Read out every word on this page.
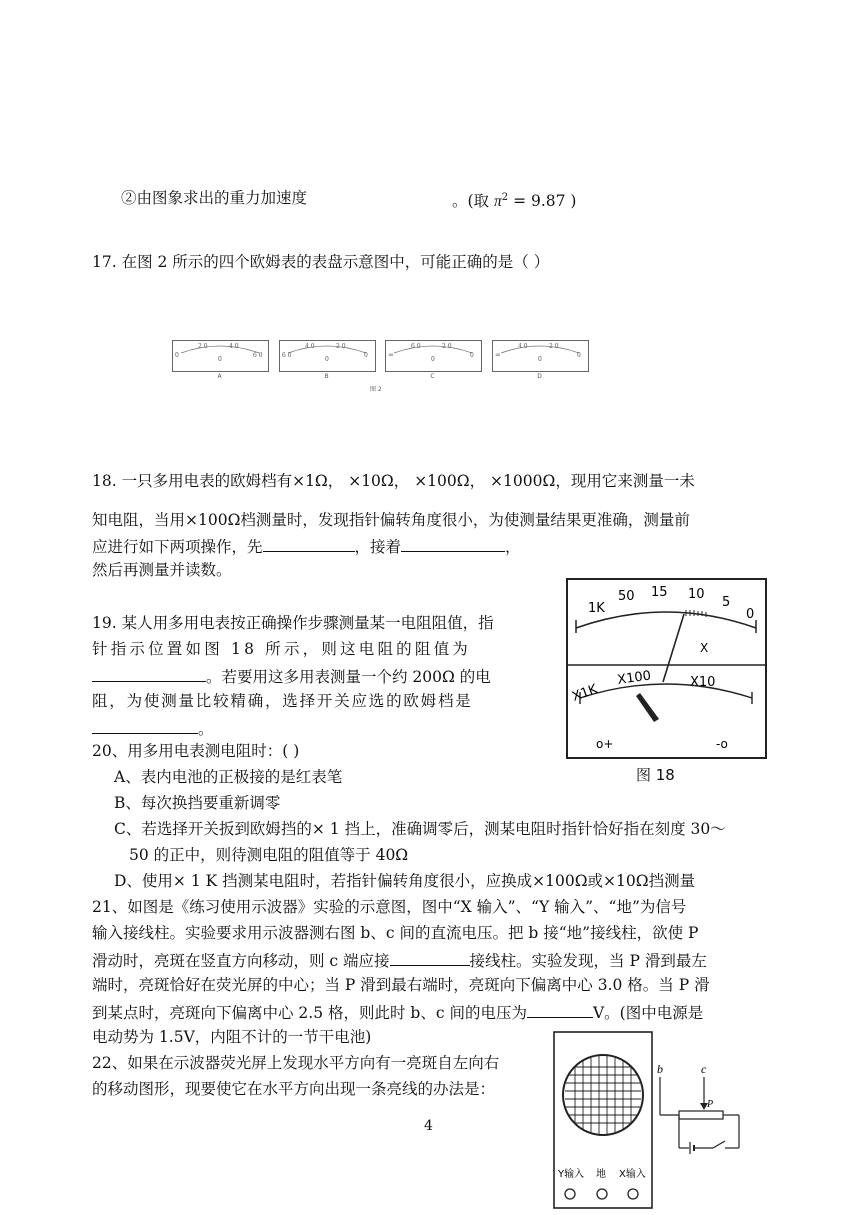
②由图象求出的重力加速度	。(取 $\pi^2 = 9.87$ )
17. 在图 2 所示的四个欧姆表的表盘示意图中，可能正确的是（ ）
0
2 0	4 0
0
6 0
A
6 0
4 0	2 0
0
0
B
∞
6 0	2 0
0
0
C
∞
4 0	2 0
0
0
D
图 2
18. 一只多用电表的欧姆档有×1Ω， ×10Ω， ×100Ω， ×1000Ω，现用它来测量一未
知电阻，当用×100Ω档测量时，发现指针偏转角度很小，为使测量结果更准确，测量前
应进行如下两项操作，先	，接着	，
然后再测量并读数。
19. 某人用多用电表按正确操作步骤测量某一电阻阻值，指
针指示位置如图 18 所示，则这电阻的阻值为
。若要用这多用表测量一个约 200Ω 的电
阻，为使测量比较精确，选择开关应选的欧姆档是
。
1K
50 15 10
5
0
X
X1K
X100	X10
o+	-o
图 18
20、用多用电表测电阻时：( )
A、表内电池的正极接的是红表笔
B、每次换挡要重新调零
C、若选择开关扳到欧姆挡的× 1 挡上，准确调零后，测某电阻时指针恰好指在刻度 30～
50 的正中，则待测电阻的阻值等于 40Ω
D、使用× 1 K 挡测某电阻时，若指针偏转角度很小，应换成×100Ω或×10Ω挡测量
21、如图是《练习使用示波器》实验的示意图，图中“X 输入”、“Y 输入”、“地”为信号
输入接线柱。实验要求用示波器测右图 b、c 间的直流电压。把 b 接“地”接线柱，欲使 P
滑动时，亮斑在竖直方向移动，则 c 端应接	接线柱。实验发现，当 P 滑到最左
端时，亮斑恰好在荧光屏的中心；当 P 滑到最右端时，亮斑向下偏离中心 3.0 格。当 P 滑
到某点时，亮斑向下偏离中心 2.5 格，则此时 b、c 间的电压为	V。(图中电源是
电动势为 1.5V，内阻不计的一节干电池)
22、如果在示波器荧光屏上发现水平方向有一亮斑自左向右
的移动图形，现要使它在水平方向出现一条亮线的办法是：
Y输入 地 X输入
b	c
P
4
